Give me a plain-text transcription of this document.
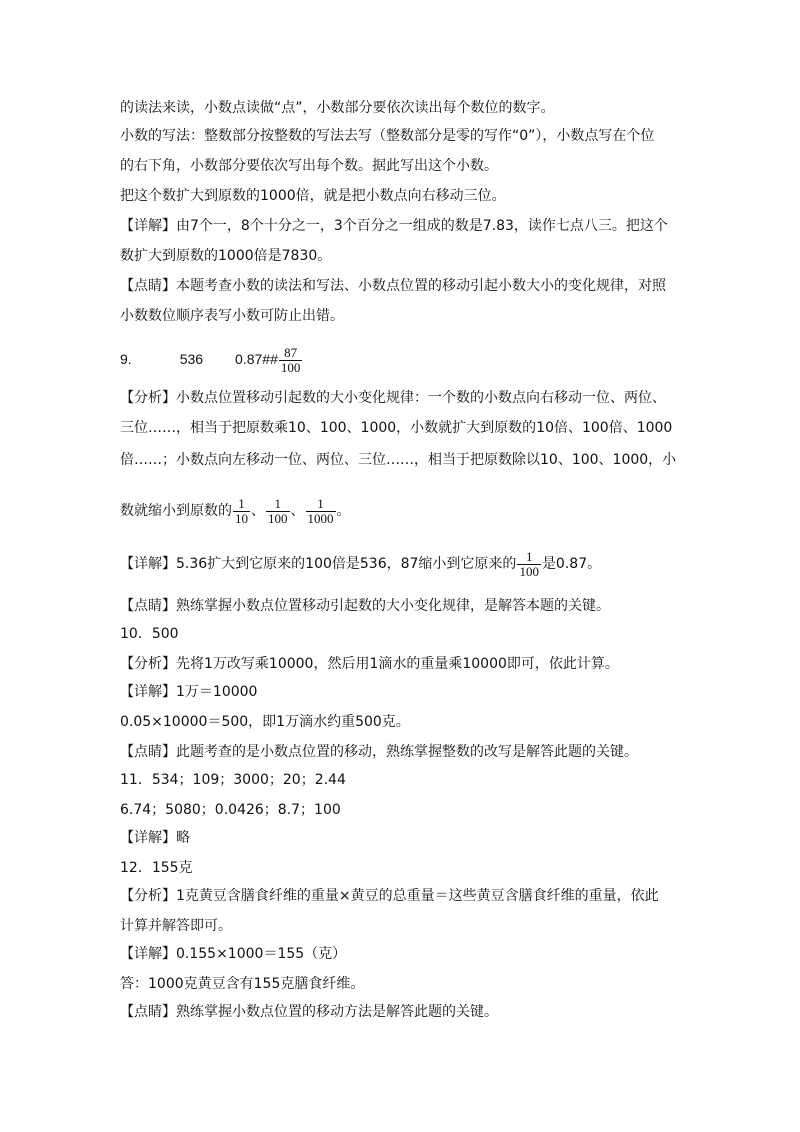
的读法来读，小数点读做“点”，小数部分要依次读出每个数位的数字。
小数的写法：整数部分按整数的写法去写（整数部分是零的写作“0”），小数点写在个位
的右下角，小数部分要依次写出每个数。据此写出这个小数。
把这个数扩大到原数的1000倍，就是把小数点向右移动三位。
【详解】由7个一，8个十分之一，3个百分之一组成的数是7.83，读作七点八三。把这个
数扩大到原数的1000倍是7830。
【点睛】本题考查小数的读法和写法、小数点位置的移动引起小数大小的变化规律，对照
小数数位顺序表写小数可防止出错。
9.	536 0.87## $\frac{87}{100}$
【分析】小数点位置移动引起数的大小变化规律：一个数的小数点向右移动一位、两位、
三位……，相当于把原数乘10、100、1000，小数就扩大到原数的10倍、100倍、1000
倍……；小数点向左移动一位、两位、三位……，相当于把原数除以10、100、1000，小
数就缩小到原数的 $\frac{1}{10}$ 、 $\frac{1}{100}$ 、 $\frac{1}{1000}$ 。
【详解】5.36扩大到它原来的100倍是536，87缩小到它原来的 $\frac{1}{100}$ 是0.87。
【点睛】熟练掌握小数点位置移动引起数的大小变化规律，是解答本题的关键。
10．500
【分析】先将1万改写乘10000，然后用1滴水的重量乘10000即可，依此计算。
【详解】1万＝10000
0.05×10000＝500，即1万滴水约重500克。
【点睛】此题考查的是小数点位置的移动，熟练掌握整数的改写是解答此题的关键。
11．534；109；3000；20；2.44
6.74；5080；0.0426；8.7；100
【详解】略
12．155克
【分析】1克黄豆含膳食纤维的重量×黄豆的总重量＝这些黄豆含膳食纤维的重量，依此
计算并解答即可。
【详解】0.155×1000＝155（克）
答：1000克黄豆含有155克膳食纤维。
【点睛】熟练掌握小数点位置的移动方法是解答此题的关键。
